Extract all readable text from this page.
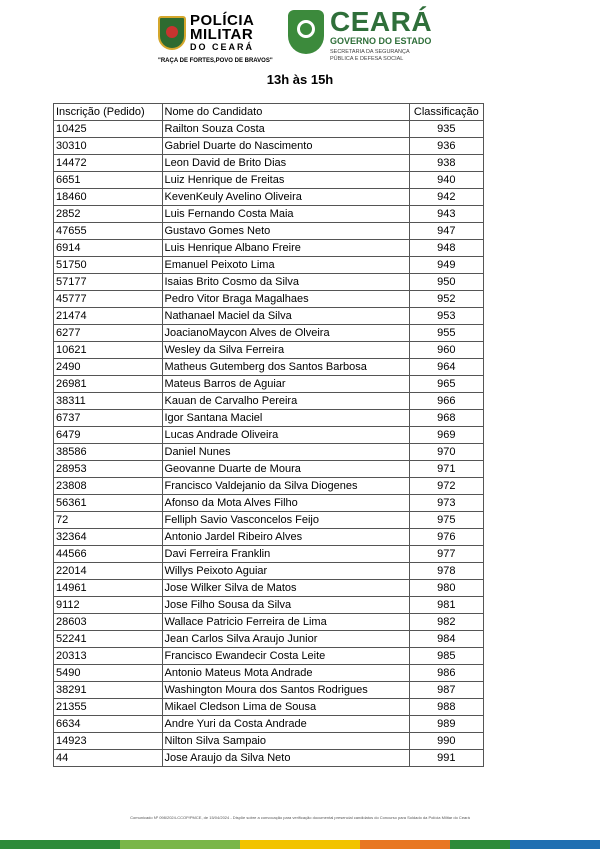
POLÍCIA
MILITAR
DO CEARÁ
"RAÇA DE FORTES,POVO DE BRAVOS"
CEARÁ
GOVERNO DO ESTADO
SECRETARIA DA SEGURANÇA
PÚBLICA E DEFESA SOCIAL
13h às 15h
Inscrição (Pedido)	Nome do Candidato	Classificação
10425	Railton Souza Costa	935
30310	Gabriel Duarte do Nascimento	936
14472	Leon David de Brito Dias	938
6651	Luiz Henrique de Freitas	940
18460	KevenKeuly Avelino Oliveira	942
2852	Luis Fernando Costa Maia	943
47655	Gustavo Gomes Neto	947
6914	Luis Henrique Albano Freire	948
51750	Emanuel Peixoto Lima	949
57177	Isaias Brito Cosmo da Silva	950
45777	Pedro Vitor Braga Magalhaes	952
21474	Nathanael Maciel da Silva	953
6277	JoacianoMaycon Alves de Olveira	955
10621	Wesley da Silva Ferreira	960
2490	Matheus Gutemberg dos Santos Barbosa	964
26981	Mateus Barros de Aguiar	965
38311	Kauan de Carvalho Pereira	966
6737	Igor Santana Maciel	968
6479	Lucas Andrade Oliveira	969
38586	Daniel Nunes	970
28953	Geovanne Duarte de Moura	971
23808	Francisco Valdejanio da Silva Diogenes	972
56361	Afonso da Mota Alves Filho	973
72	Felliph Savio Vasconcelos Feijo	975
32364	Antonio Jardel Ribeiro Alves	976
44566	Davi Ferreira Franklin	977
22014	Willys Peixoto Aguiar	978
14961	Jose Wilker Silva de Matos	980
9112	Jose Filho Sousa da Silva	981
28603	Wallace Patricio Ferreira de Lima	982
52241	Jean Carlos Silva Araujo Junior	984
20313	Francisco Ewandecir Costa Leite	985
5490	Antonio Mateus Mota Andrade	986
38291	Washington Moura dos Santos Rodrigues	987
21355	Mikael Cledson Lima de Sousa	988
6634	Andre Yuri da Costa Andrade	989
14923	Nilton Silva Sampaio	990
44	Jose Araujo da Silva Neto	991
Comunicado Nº 098/2024-CCOP/PMCE, de 15/04/2024 - Dispõe sobre a convocação para verificação documental presencial candidatos do Concurso para Soldado da Polícia Militar do Ceará
